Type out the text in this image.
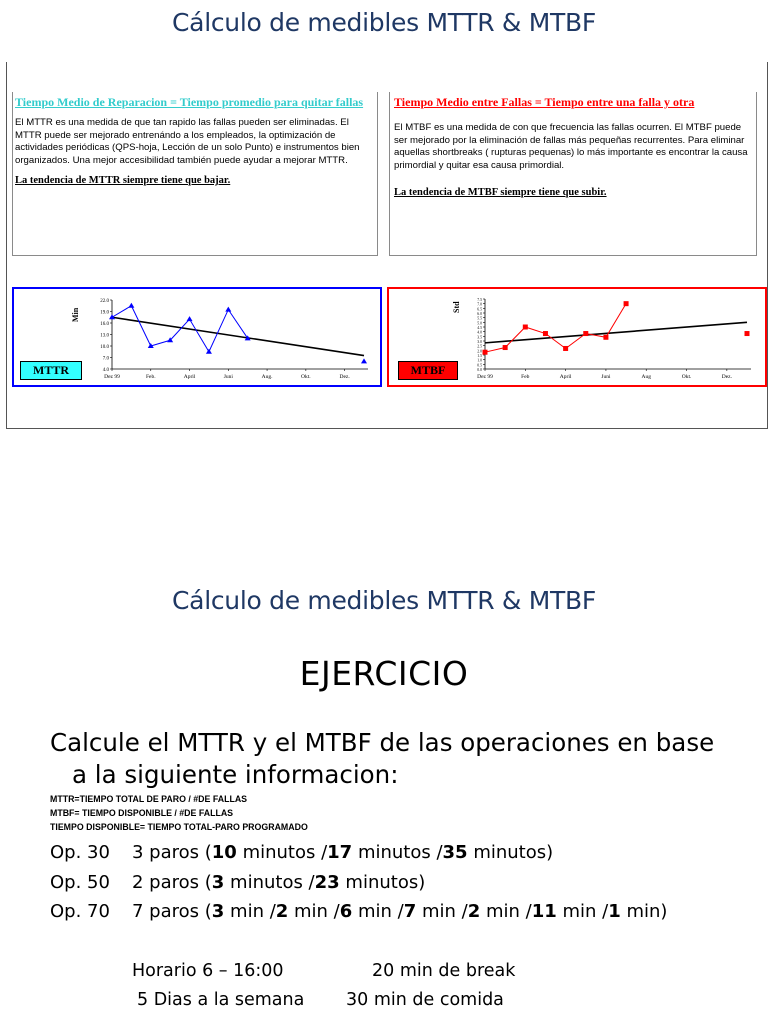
Cálculo de medibles MTTR & MTBF
Tiempo Medio de Reparacion = Tiempo promedio para quitar fallas
El MTTR es una medida de que tan rapido las fallas pueden ser eliminadas. El MTTR puede ser mejorado entrenándo a los empleados, la optimización de actividades periódicas (QPS-hoja, Lección de un solo Punto) e instrumentos bien organizados. Una mejor accesibilidad también puede ayudar a mejorar MTTR.
La tendencia de MTTR siempre tiene que bajar.
Tiempo Medio entre Fallas = Tiempo entre una falla y otra
El MTBF es una medida de con que frecuencia las fallas ocurren. El MTBF puede ser mejorado por la eliminación de fallas más pequeñas recurrentes. Para eliminar aquellas shortbreaks ( rupturas pequenas) lo más importante es encontrar la causa primordial y quitar esa causa primordial.
La tendencia de MTBF siempre tiene que subir.
22.0
19.0
16.0
13.0
10.0
7.0
4.0
Min
Dez 99	Feb.	April	Juni	Aug.	Okt.	Dez.
MTTR
7.5
7.0
6.5
6.0
5.5
5.0
4.5
4.0
3.5
3.0
2.5
2.0
1.5
1.0
0.5
0.0
Std
Dez 99	Feb	April	Juni	Aug	Okt.	Dez.
MTBF
Cálculo de medibles MTTR & MTBF
EJERCICIO
Calcule el MTTR y el MTBF de las operaciones en base
a la siguiente informacion:
MTTR=TIEMPO TOTAL DE PARO / #DE FALLAS
MTBF= TIEMPO DISPONIBLE / #DE FALLAS
TIEMPO DISPONIBLE= TIEMPO TOTAL-PARO PROGRAMADO
Op. 30 3 paros (10 minutos /17 minutos /35 minutos)
Op. 50 2 paros (3 minutos /23 minutos)
Op. 70 7 paros (3 min /2 min /6 min /7 min /2 min /11 min /1 min)
Horario 6 – 16:00	20 min de break
5 Dias a la semana 30 min de comida
